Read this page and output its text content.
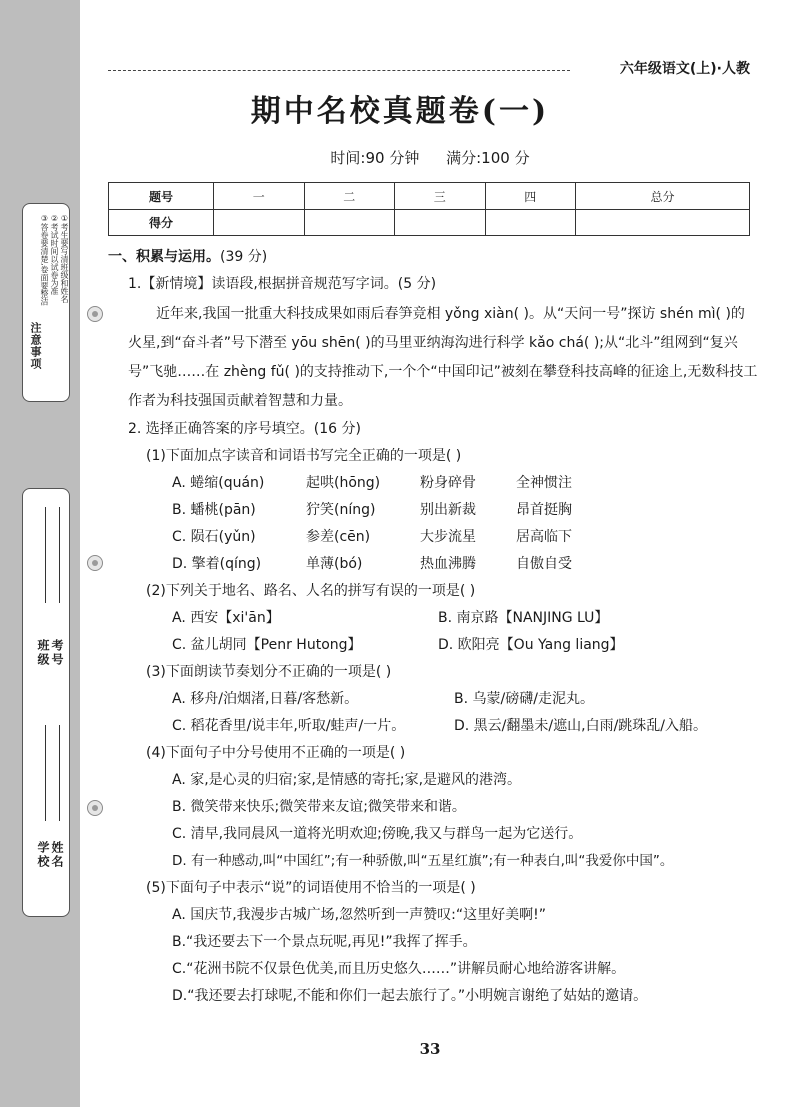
注意事项
①考生要写清班级和姓名
②考试时间以试卷为准
③答卷要清楚,卷面要整洁
班级 考号
学校 姓名
六年级语文(上)·人教
期中名校真题卷(一)
时间:90 分钟 满分:100 分
题号	一	二	三	四	总分
得分					

一、积累与运用。(39 分)

1.【新情境】读语段,根据拼音规范写字词。(5 分)

近年来,我国一批重大科技成果如雨后春笋竞相 yǒng xiàn( )。从“天问一号”探访 shén mì( )的火星,到“奋斗者”号下潜至 yōu shēn( )的马里亚纳海沟进行科学 kǎo chá( );从“北斗”组网到“复兴号”飞驰……在 zhèng fǔ( )的支持推动下,一个个“中国印记”被刻在攀登科技高峰的征途上,无数科技工作者为科技强国贡献着智慧和力量。

2. 选择正确答案的序号填空。(16 分)

(1)下面加点字读音和词语书写完全正确的一项是( )

A. 蜷缩(quán)	起哄(hōng)	粉身碎骨	全神惯注
B. 蟠桃(pān)	狞笑(níng)	别出新裁	昂首挺胸
C. 陨石(yǔn)	参差(cēn)	大步流星	居高临下
D. 擎着(qíng)	单薄(bó)	热血沸腾	自傲自受

(2)下列关于地名、路名、人名的拼写有误的一项是( )

A. 西安【xi'ān】	B. 南京路【NANJING LU】
C. 盆儿胡同【Penr Hutong】	D. 欧阳亮【Ou Yang liang】

(3)下面朗读节奏划分不正确的一项是( )

A. 移舟/泊烟渚,日暮/客愁新。	B. 乌蒙/磅礴/走泥丸。
C. 稻花香里/说丰年,听取/蛙声/一片。	D. 黑云/翻墨未/遮山,白雨/跳珠乱/入船。

(4)下面句子中分号使用不正确的一项是( )

A. 家,是心灵的归宿;家,是情感的寄托;家,是避风的港湾。

B. 微笑带来快乐;微笑带来友谊;微笑带来和谐。

C. 清早,我同晨风一道将光明欢迎;傍晚,我又与群鸟一起为它送行。

D. 有一种感动,叫“中国红”;有一种骄傲,叫“五星红旗”;有一种表白,叫“我爱你中国”。

(5)下面句子中表示“说”的词语使用不恰当的一项是( )

A. 国庆节,我漫步古城广场,忽然听到一声赞叹:“这里好美啊!”

B.“我还要去下一个景点玩呢,再见!”我挥了挥手。

C.“花洲书院不仅景色优美,而且历史悠久……”讲解员耐心地给游客讲解。

D.“我还要去打球呢,不能和你们一起去旅行了。”小明婉言谢绝了姑姑的邀请。

33
